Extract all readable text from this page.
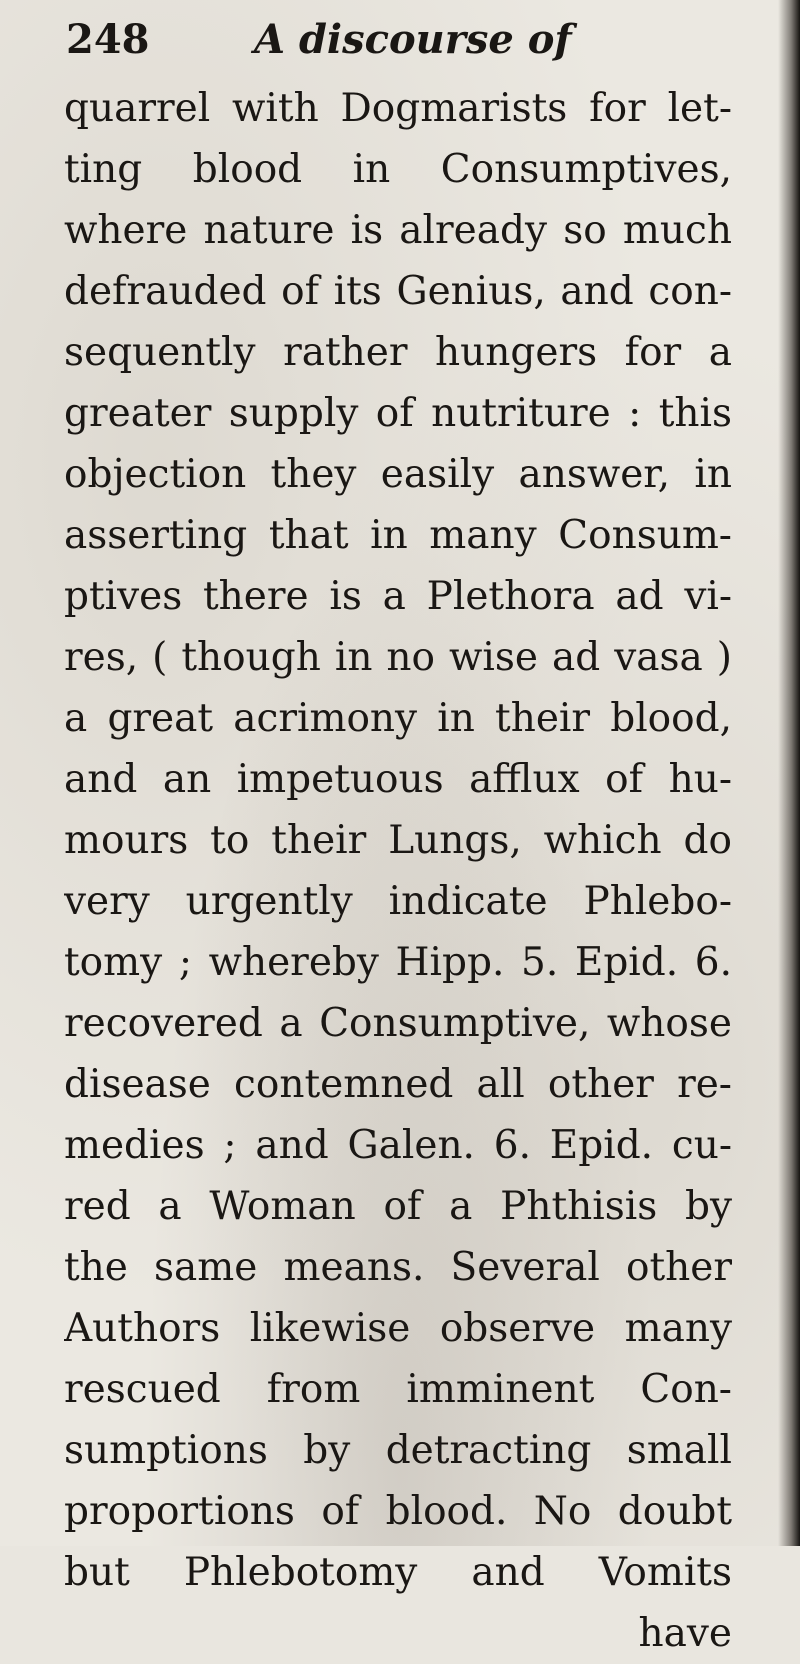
248	A discourse of
quarrel with Dogmarists for let-
ting blood in Consumptives,
where nature is already so much
defrauded of its Genius, and con-
sequently rather hungers for a
greater supply of nutriture : this
objection they easily answer, in
asserting that in many Consum-
ptives there is a Plethora ad vi-
res, ( though in no wise ad vasa )
a great acrimony in their blood,
and an impetuous afflux of hu-
mours to their Lungs, which do
very urgently indicate Phlebo-
tomy ; whereby Hipp. 5. Epid. 6.
recovered a Consumptive, whose
disease contemned all other re-
medies ; and Galen. 6. Epid. cu-
red a Woman of a Phthisis by
the same means. Several other
Authors likewise observe many
rescued from imminent Con-
sumptions by detracting small
proportions of blood. No doubt
but Phlebotomy and Vomits
have
